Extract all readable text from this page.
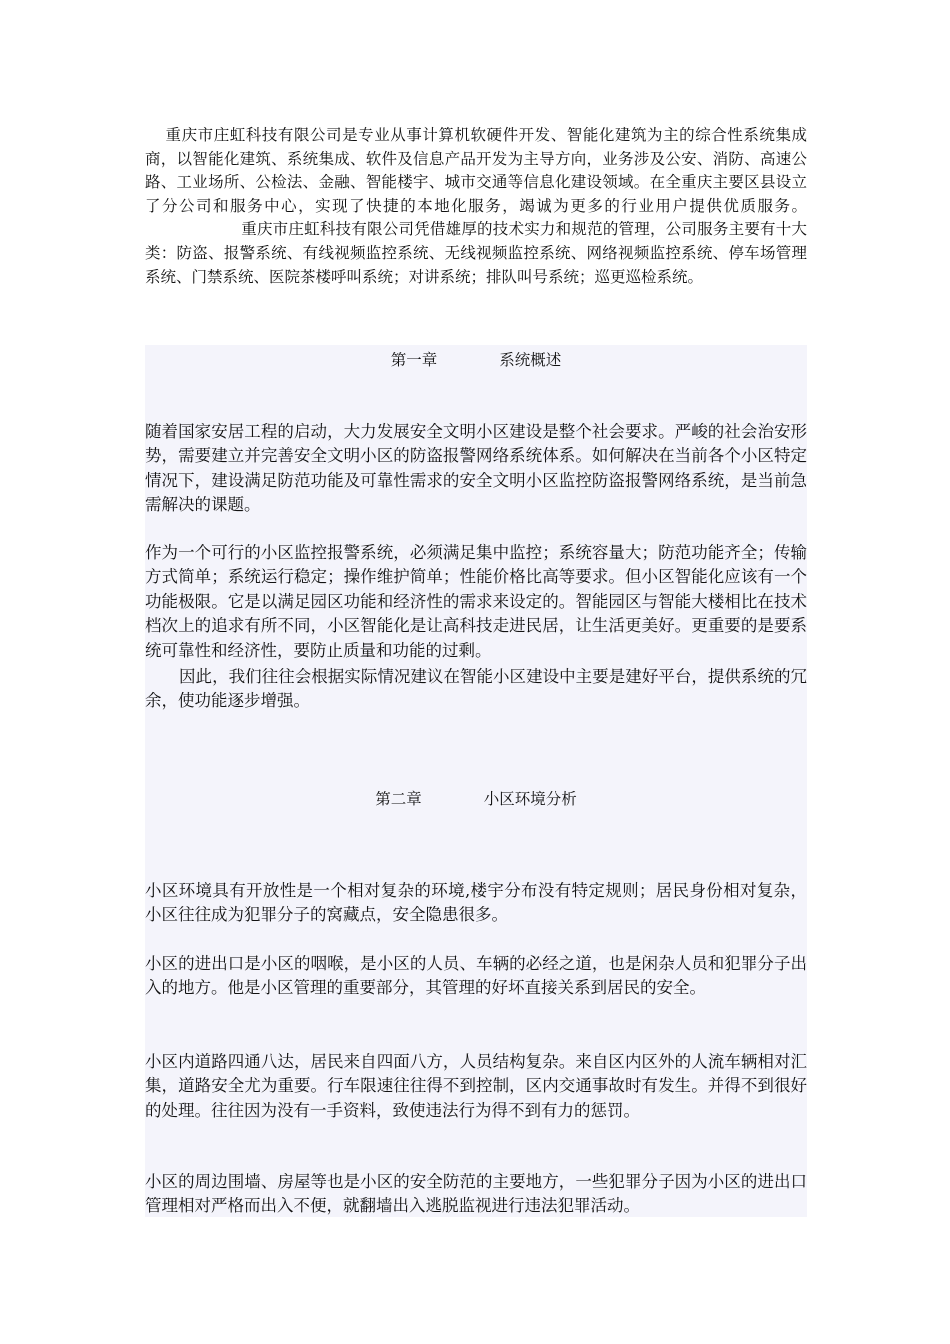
重庆市庄虹科技有限公司是专业从事计算机软硬件开发、智能化建筑为主的综合性系统集成商，以智能化建筑、系统集成、软件及信息产品开发为主导方向，业务涉及公安、消防、高速公路、工业场所、公检法、金融、智能楼宇、城市交通等信息化建设领域。在全重庆主要区县设立了分公司和服务中心，实现了快捷的本地化服务，竭诚为更多的行业用户提供优质服务。重庆市庄虹科技有限公司凭借雄厚的技术实力和规范的管理，公司服务主要有十大类：防盗、报警系统、有线视频监控系统、无线视频监控系统、网络视频监控系统、停车场管理系统、门禁系统、医院茶楼呼叫系统；对讲系统；排队叫号系统；巡更巡检系统。

第一章	系统概述

随着国家安居工程的启动，大力发展安全文明小区建设是整个社会要求。严峻的社会治安形势，需要建立并完善安全文明小区的防盗报警网络系统体系。如何解决在当前各个小区特定情况下，建设满足防范功能及可靠性需求的安全文明小区监控防盗报警网络系统，是当前急需解决的课题。

作为一个可行的小区监控报警系统，必须满足集中监控；系统容量大；防范功能齐全；传输方式简单；系统运行稳定；操作维护简单；性能价格比高等要求。但小区智能化应该有一个功能极限。它是以满足园区功能和经济性的需求来设定的。智能园区与智能大楼相比在技术档次上的追求有所不同，小区智能化是让高科技走进民居，让生活更美好。更重要的是要系统可靠性和经济性，要防止质量和功能的过剩。

因此，我们往往会根据实际情况建议在智能小区建设中主要是建好平台，提供系统的冗余，使功能逐步增强。

第二章	小区环境分析

小区环境具有开放性是一个相对复杂的环境,楼宇分布没有特定规则；居民身份相对复杂，小区往往成为犯罪分子的窝藏点，安全隐患很多。

小区的进出口是小区的咽喉，是小区的人员、车辆的必经之道，也是闲杂人员和犯罪分子出入的地方。他是小区管理的重要部分，其管理的好坏直接关系到居民的安全。

小区内道路四通八达，居民来自四面八方，人员结构复杂。来自区内区外的人流车辆相对汇集，道路安全尤为重要。行车限速往往得不到控制，区内交通事故时有发生。并得不到很好的处理。往往因为没有一手资料，致使违法行为得不到有力的惩罚。

小区的周边围墙、房屋等也是小区的安全防范的主要地方，一些犯罪分子因为小区的进出口管理相对严格而出入不便，就翻墙出入逃脱监视进行违法犯罪活动。
